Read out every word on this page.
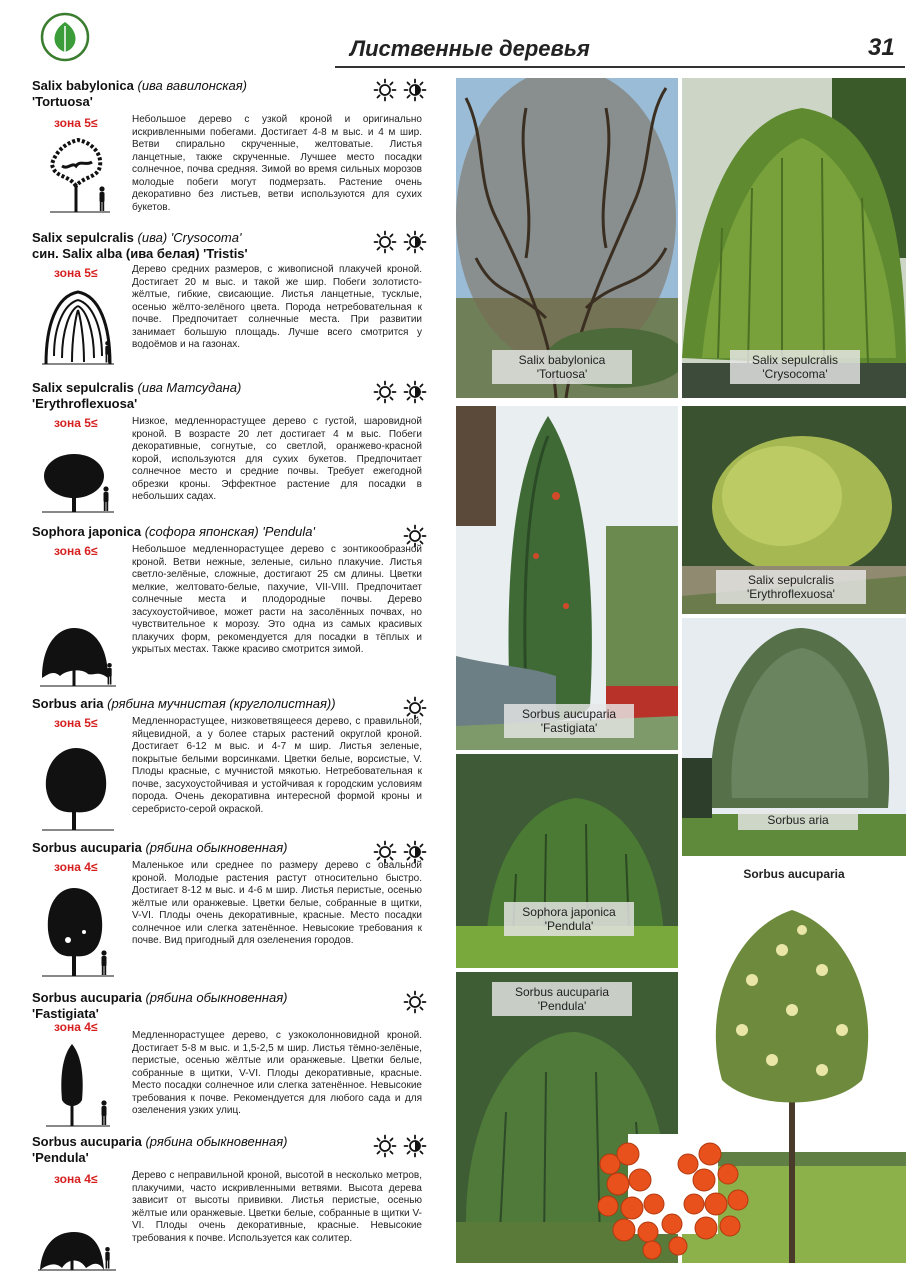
Лиственные деревья	31
Salix babylonica (ива вавилонская)
'Tortuosa'
зона 5≤	Небольшое дерево с узкой кроной и оригинально искривленными побегами. Достигает 4-8 м выс. и 4 м шир. Ветви спирально скрученные, желтоватые. Листья ланцетные, также скрученные. Лучшее место посадки солнечное, почва средняя. Зимой во время сильных морозов молодые побеги могут подмерзать. Растение очень декоративно без листьев, ветви используются для сухих букетов.
Salix sepulcralis (ива) 'Crysocoma'
син. Salix alba (ива белая) 'Tristis'
зона 5≤	Дерево средних размеров, с живописной плакучей кроной. Достигает 20 м выс. и такой же шир. Побеги золотисто-жёлтые, гибкие, свисающие. Листья ланцетные, тусклые, осенью жёлто-зелёного цвета. Порода нетребовательная к почве. Предпочитает солнечные места. При развитии занимает большую площадь. Лучше всего смотрится у водоёмов и на газонах.
Salix sepulcralis (ива Матсудана)
'Erythroflexuosa'
зона 5≤	Низкое, медленнорастущее дерево с густой, шаровидной кроной. В возрасте 20 лет достигает 4 м выс. Побеги декоративные, согнутые, со светлой, оранжево-красной корой, используются для сухих букетов. Предпочитает солнечное место и средние почвы. Требует ежегодной обрезки кроны. Эффектное растение для посадки в небольших садах.
Sophora japonica (софора японская) 'Pendula'
зона 6≤	Небольшое медленнорастущее дерево с зонтикообразной кроной. Ветви нежные, зеленые, сильно плакучие. Листья светло-зелёные, сложные, достигают 25 см длины. Цветки мелкие, желтовато-белые, пахучие, VII-VIII. Предпочитает солнечные места и плодородные почвы. Дерево засухоустойчивое, может расти на засолённых почвах, но чувствительное к морозу. Это одна из самых красивых плакучих форм, рекомендуется для посадки в тёплых и укрытых местах. Также красиво смотрится зимой.
Sorbus aria (рябина мучнистая (круглолистная))
зона 5≤	Медленнорастущее, низковетвящееся дерево, с правильной, яйцевидной, а у более старых растений округлой кроной. Достигает 6-12 м выс. и 4-7 м шир. Листья зеленые, покрытые белыми ворсинками. Цветки белые, ворсистые, V. Плоды красные, с мучнистой мякотью. Нетребовательная к почве, засухоустойчивая и устойчивая к городским условиям порода. Очень декоративна интересной формой кроны и серебристо-серой окраской.
Sorbus aucuparia (рябина обыкновенная)
зона 4≤	Маленькое или среднее по размеру дерево с овальной кроной. Молодые растения растут относительно быстро. Достигает 8-12 м выс. и 4-6 м шир. Листья перистые, осенью жёлтые или оранжевые. Цветки белые, собранные в щитки, V-VI. Плоды очень декоративные, красные. Место посадки солнечное или слегка затенённое. Невысокие требования к почве. Вид пригодный для озеленения городов.
Sorbus aucuparia (рябина обыкновенная)
'Fastigiata'
зона 4≤
Медленнорастущее дерево, с узкоколонновидной кроной. Достигает 5-8 м выс. и 1,5-2,5 м шир. Листья тёмно-зелёные, перистые, осенью жёлтые или оранжевые. Цветки белые, собранные в щитки, V-VI. Плоды декоративные, красные. Место посадки солнечное или слегка затенённое. Невысокие требования к почве. Рекомендуется для любого сада и для озеленения узких улиц.
Sorbus aucuparia (рябина обыкновенная)
'Pendula'
зона 4≤	Дерево с неправильной кроной, высотой в несколько метров, плакучими, часто искривленными ветвями. Высота дерева зависит от высоты прививки. Листья перистые, осенью жёлтые или оранжевые. Цветки белые, собранные в щитки V-VI. Плоды очень декоративные, красные. Невысокие требования к почве. Используется как солитер.
Salix babylonica
'Tortuosa'
Salix sepulcralis
'Crysocoma'
Sorbus aucuparia
'Fastigiata'
Salix sepulcralis
'Erythroflexuosa'
Sorbus aria
Sophora japonica
'Pendula'
Sorbus aucuparia
Sorbus aucuparia
'Pendula'
